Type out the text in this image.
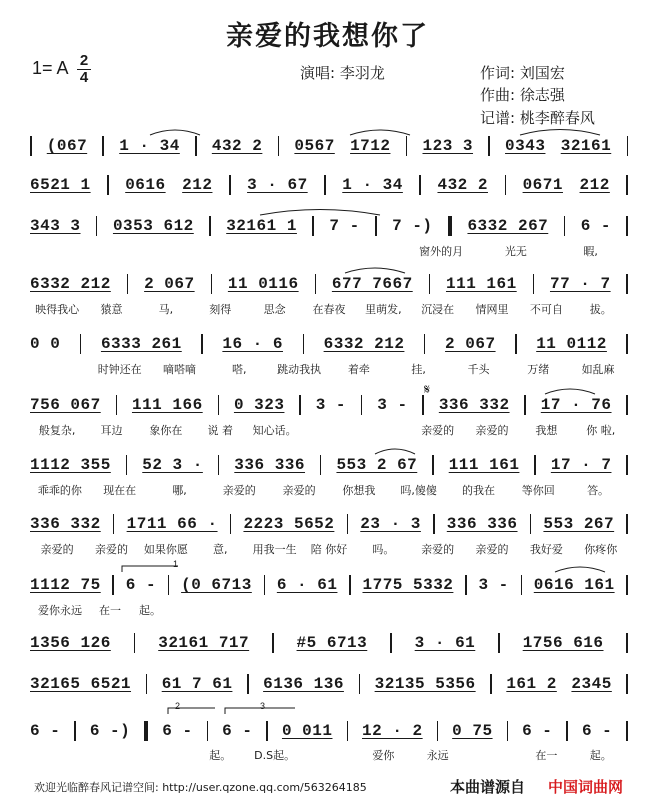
亲爱的我想你了
1= A 2
4	演唱: 李羽龙	作词: 刘国宏
作曲: 徐志强
记谱: 桃李醉春风
(067 1 · 34 432 2 0567 1712 123 3 0343 32161
6521 1 0616 212 3 · 67 1 · 34 432 2 0671 212
343 3 0353 612 32161 1 7 - 7 -) 6332 267 6 -
窗外的月	光无	暇,
6332 212 2 067 11 0116 677 7667 111 161 77 · 7
映得我心	猿意	马,	刻得	思念	在春夜	里萌发,	沉浸在	情网里	不可自	拔。
0 0	6333 261	16 · 6	6332 212	2 067	11 0112
时钟还在	嘀嗒嘀	嗒,	跳动我执	着牵	挂,	千头	万绪	如乱麻
756 067 111 166 0 323 3 - 3 - 336 332 17 · 76
般复杂,	耳边	象你在	说 着	知心话。	亲爱的	亲爱的	我想	你 啦,
1112 355 52 3 · 336 336 553 2 67 111 161 17 · 7
乖乖的你	现在在	哪,	亲爱的	亲爱的	你想我	吗,傻傻	的我在	等你回	答。
336 332 1711 66 · 2223 5652 23 · 3 336 336 553 267
亲爱的	亲爱的	如果你愿	意,	用我一生	陪 你好	吗。	亲爱的	亲爱的	我好爱	你疼你
1112 75 6 - (0 6713 6 · 61 1775 5332 3 - 0616 161
爱你永远	在一	起。
1356 126	32161 717	#5 6713	3 · 61	1756 616
32165 6521 61 7 61 6136 136 32135 5356 161 2 2345
6 - 6 -) 6 - 6 - 0 011 12 · 2 0 75 6 - 6 -
起。	D.S起。	爱你	永远	在一	起。
1
2	3
𝄋
欢迎光临醉春风记谱空间: http://user.qzone.qq.com/563264185	本曲谱源自 中国词曲网
